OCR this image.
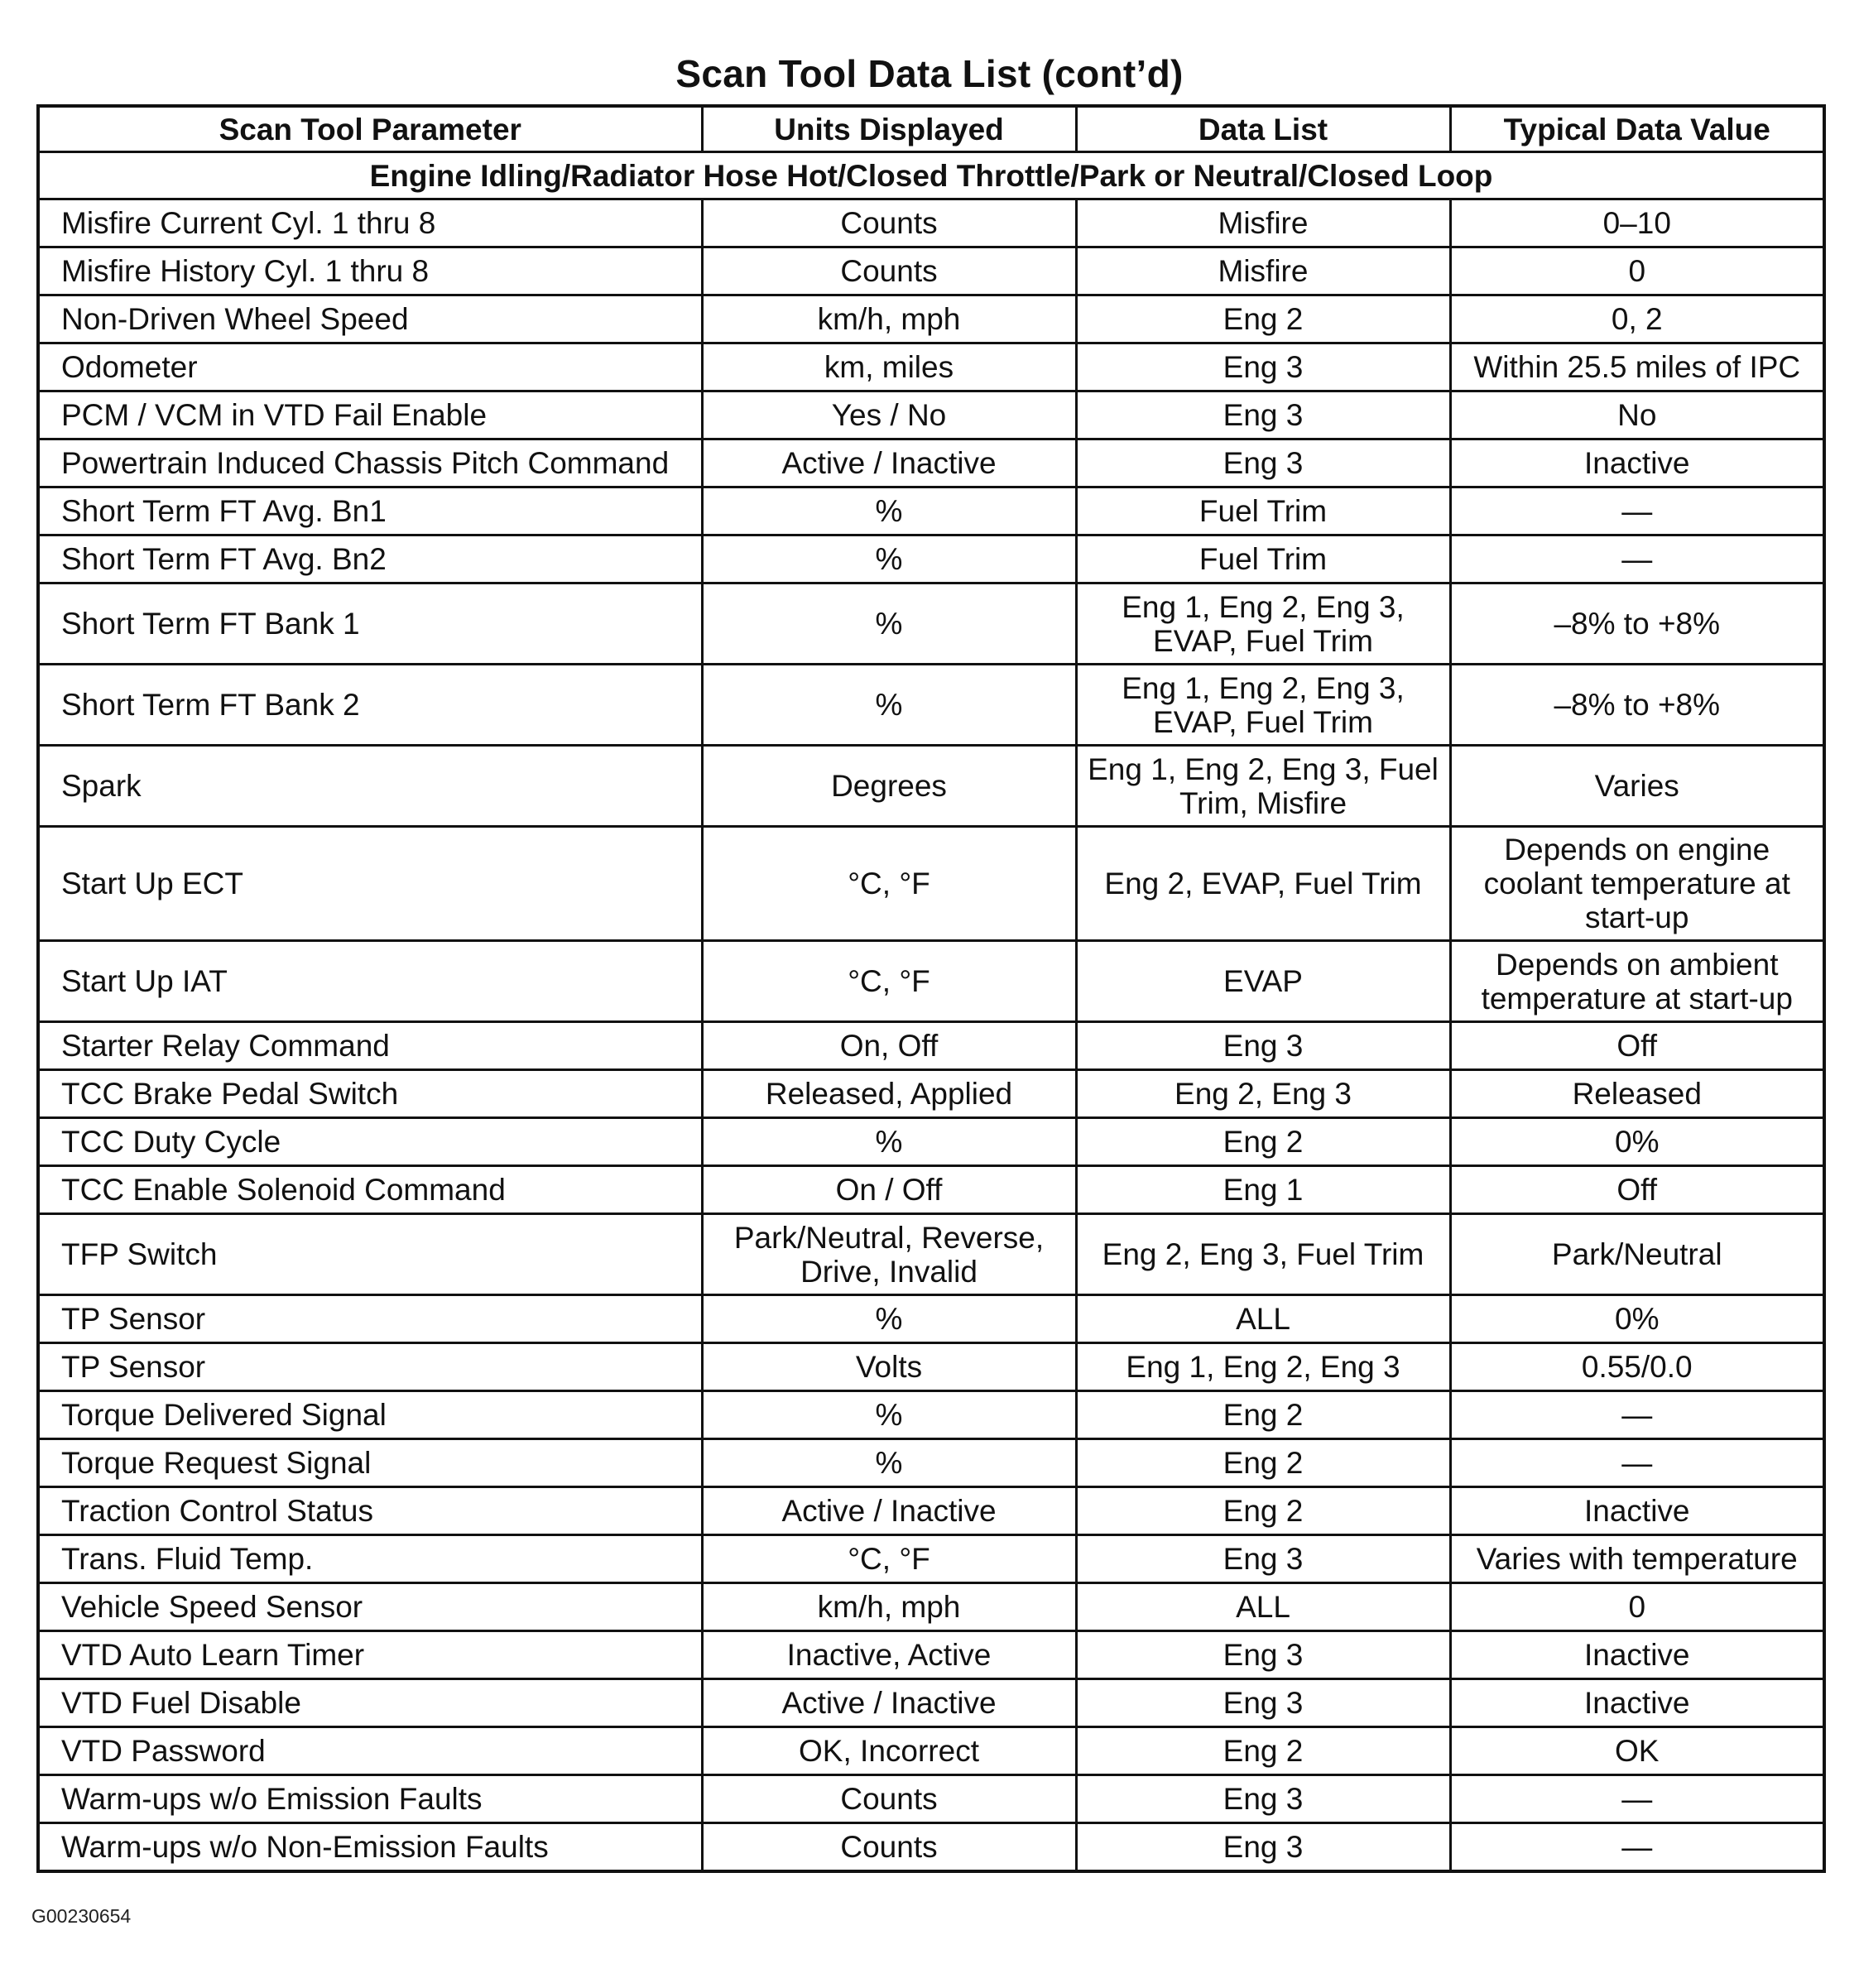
Scan Tool Data List (cont’d)
Scan Tool Parameter	Units Displayed	Data List	Typical Data Value
Engine Idling/Radiator Hose Hot/Closed Throttle/Park or Neutral/Closed Loop			
Misfire Current Cyl. 1 thru 8	Counts	Misfire	0–10
Misfire History Cyl. 1 thru 8	Counts	Misfire	0
Non-Driven Wheel Speed	km/h, mph	Eng 2	0, 2
Odometer	km, miles	Eng 3	Within 25.5 miles of IPC
PCM / VCM in VTD Fail Enable	Yes / No	Eng 3	No
Powertrain Induced Chassis Pitch Command	Active / Inactive	Eng 3	Inactive
Short Term FT Avg. Bn1	%	Fuel Trim	—
Short Term FT Avg. Bn2	%	Fuel Trim	—
Short Term FT Bank 1	%	Eng 1, Eng 2, Eng 3, EVAP, Fuel Trim	–8% to +8%
Short Term FT Bank 2	%	Eng 1, Eng 2, Eng 3, EVAP, Fuel Trim	–8% to +8%
Spark	Degrees	Eng 1, Eng 2, Eng 3, Fuel Trim, Misfire	Varies
Start Up ECT	°C, °F	Eng 2, EVAP, Fuel Trim	Depends on engine coolant temperature at start-up
Start Up IAT	°C, °F	EVAP	Depends on ambient temperature at start-up
Starter Relay Command	On, Off	Eng 3	Off
TCC Brake Pedal Switch	Released, Applied	Eng 2, Eng 3	Released
TCC Duty Cycle	%	Eng 2	0%
TCC Enable Solenoid Command	On / Off	Eng 1	Off
TFP Switch	Park/Neutral, Reverse, Drive, Invalid	Eng 2, Eng 3, Fuel Trim	Park/Neutral
TP Sensor	%	ALL	0%
TP Sensor	Volts	Eng 1, Eng 2, Eng 3	0.55/0.0
Torque Delivered Signal	%	Eng 2	—
Torque Request Signal	%	Eng 2	—
Traction Control Status	Active / Inactive	Eng 2	Inactive
Trans. Fluid Temp.	°C, °F	Eng 3	Varies with temperature
Vehicle Speed Sensor	km/h, mph	ALL	0
VTD Auto Learn Timer	Inactive, Active	Eng 3	Inactive
VTD Fuel Disable	Active / Inactive	Eng 3	Inactive
VTD Password	OK, Incorrect	Eng 2	OK
Warm-ups w/o Emission Faults	Counts	Eng 3	—
Warm-ups w/o Non-Emission Faults	Counts	Eng 3	—
G00230654
